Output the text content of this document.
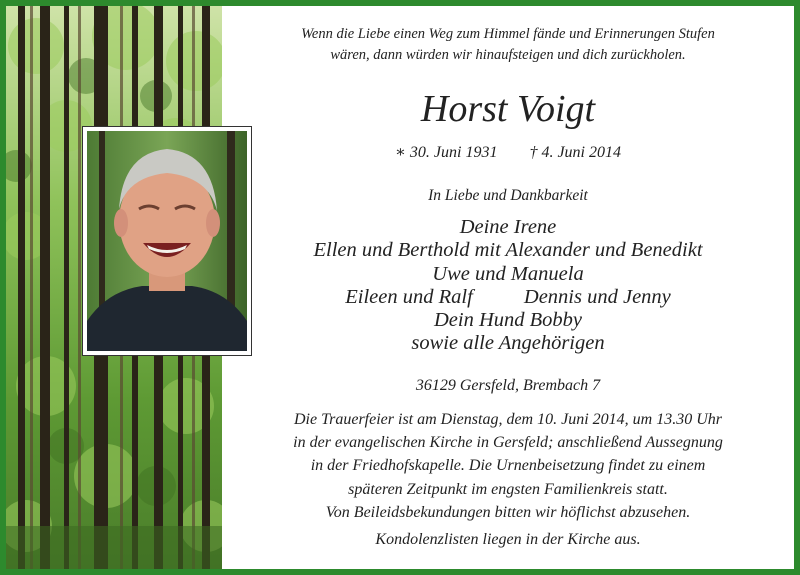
Wenn die Liebe einen Weg zum Himmel fände und Erinnerungen Stufen
wären, dann würden wir hinaufsteigen und dich zurückholen.
Horst Voigt
∗ 30. Juni 1931 † 4. Juni 2014
In Liebe und Dankbarkeit
Deine Irene
Ellen und Berthold mit Alexander und Benedikt
Uwe und Manuela
Eileen und Ralf Dennis und Jenny
Dein Hund Bobby
sowie alle Angehörigen
36129 Gersfeld, Brembach 7
Die Trauerfeier ist am Dienstag, dem 10. Juni 2014, um 13.30 Uhr
in der evangelischen Kirche in Gersfeld; anschließend Aussegnung
in der Friedhofskapelle. Die Urnenbeisetzung findet zu einem
späteren Zeitpunkt im engsten Familienkreis statt.
Von Beileidsbekundungen bitten wir höflichst abzusehen.
Kondolenzlisten liegen in der Kirche aus.
